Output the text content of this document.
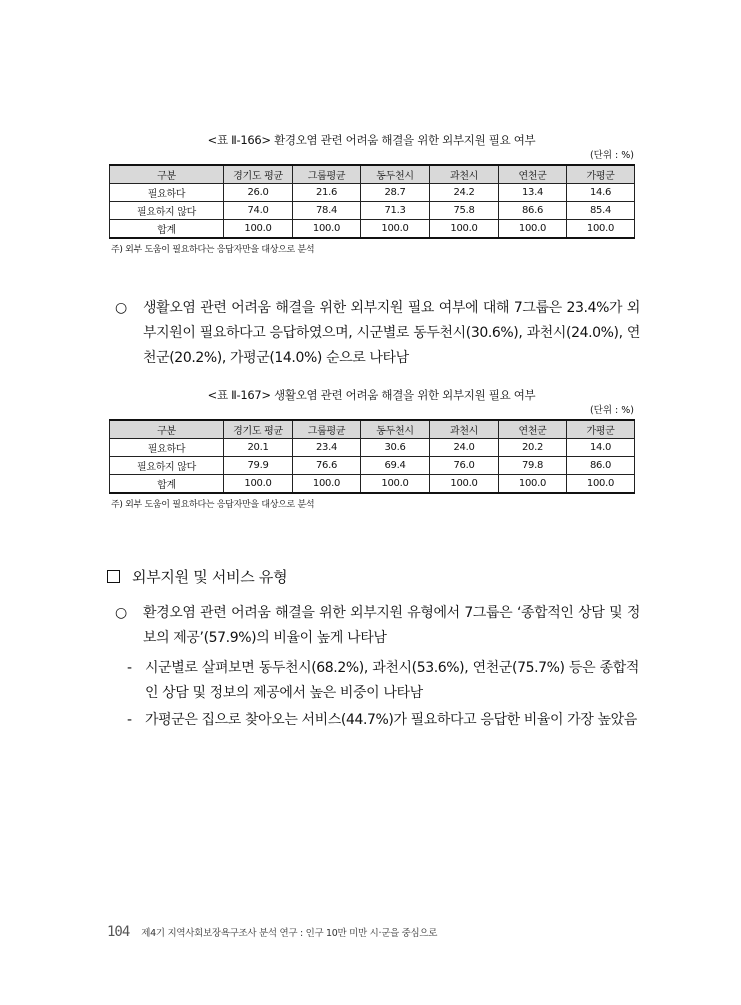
<표 Ⅱ-166> 환경오염 관련 어려움 해결을 위한 외부지원 필요 여부
(단위 : %)
구분	경기도 평균	그룹평균	동두천시	과천시	연천군	가평군
필요하다	26.0	21.6	28.7	24.2	13.4	14.6
필요하지 않다	74.0	78.4	71.3	75.8	86.6	85.4
합계	100.0	100.0	100.0	100.0	100.0	100.0
주) 외부 도움이 필요하다는 응답자만을 대상으로 분석
○	생활오염 관련 어려움 해결을 위한 외부지원 필요 여부에 대해 7그룹은 23.4%가 외부지원이 필요하다고 응답하였으며, 시군별로 동두천시(30.6%), 과천시(24.0%), 연천군(20.2%), 가평군(14.0%) 순으로 나타남
<표 Ⅱ-167> 생활오염 관련 어려움 해결을 위한 외부지원 필요 여부
(단위 : %)
구분	경기도 평균	그룹평균	동두천시	과천시	연천군	가평군
필요하다	20.1	23.4	30.6	24.0	20.2	14.0
필요하지 않다	79.9	76.6	69.4	76.0	79.8	86.0
합계	100.0	100.0	100.0	100.0	100.0	100.0
주) 외부 도움이 필요하다는 응답자만을 대상으로 분석
외부지원 및 서비스 유형
○	환경오염 관련 어려움 해결을 위한 외부지원 유형에서 7그룹은 ‘종합적인 상담 및 정보의 제공’(57.9%)의 비율이 높게 나타남
- 시군별로 살펴보면 동두천시(68.2%), 과천시(53.6%), 연천군(75.7%) 등은 종합적인 상담 및 정보의 제공에서 높은 비중이 나타남
- 가평군은 집으로 찾아오는 서비스(44.7%)가 필요하다고 응답한 비율이 가장 높았음
104 제4기 지역사회보장욕구조사 분석 연구 : 인구 10만 미만 시·군을 중심으로
